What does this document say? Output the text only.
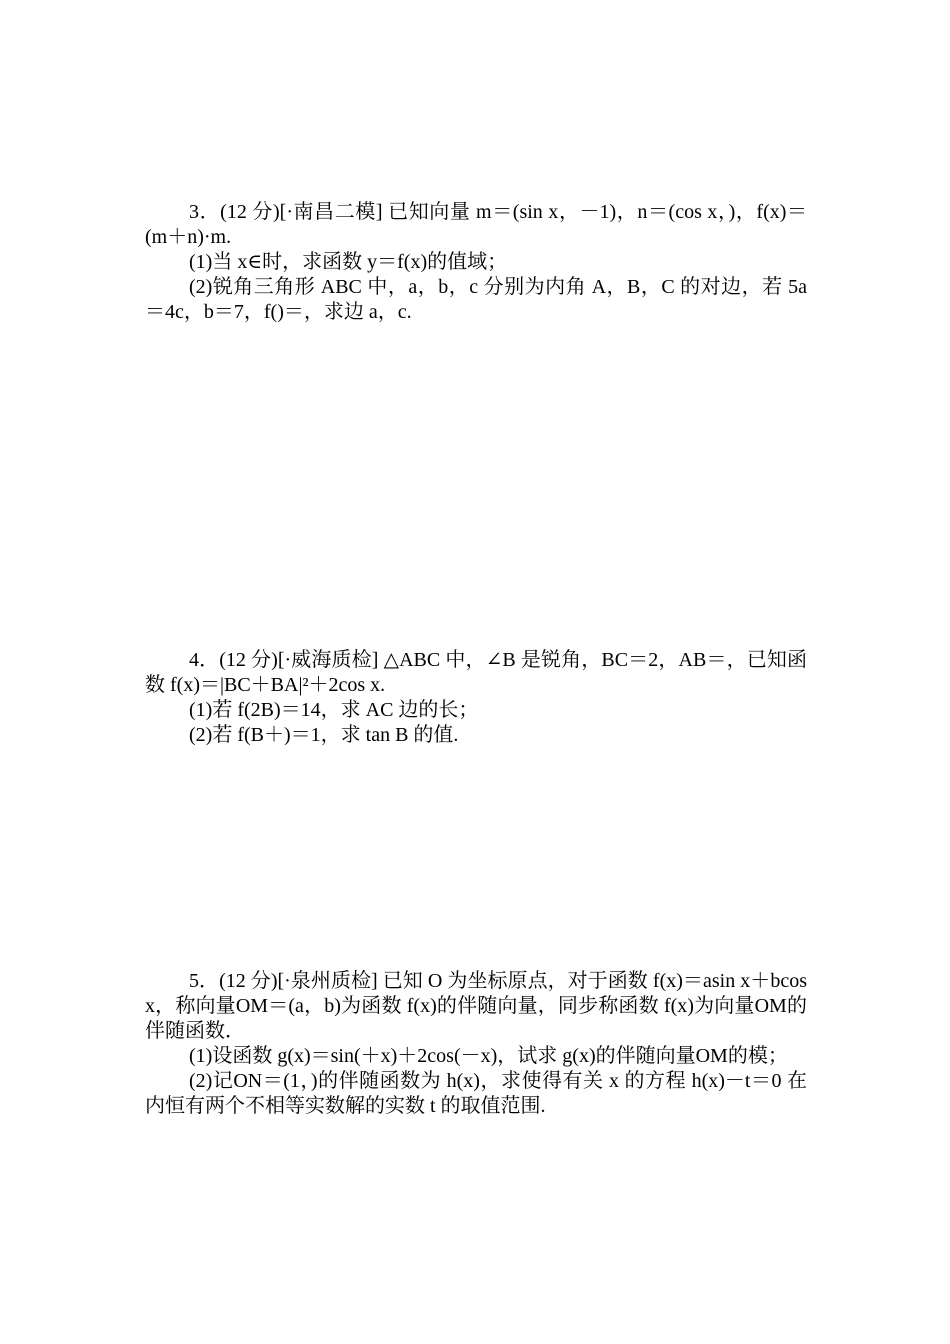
3．(12 分)[·南昌二模] 已知向量 m＝(sin x，－1)，n＝(cos x，)，f(x)＝(m＋n)·m.

(1)当 x∈时，求函数 y＝f(x)的值域；

(2)锐角三角形 ABC 中，a，b，c 分别为内角 A，B，C 的对边，若 5a＝4c，b＝7，f()＝，求边 a，c.

4．(12 分)[·威海质检] △ABC 中，∠B 是锐角，BC＝2，AB＝，已知函数 f(x)＝|BC＋BA|²＋2cos x.

(1)若 f(2B)＝14，求 AC 边的长；

(2)若 f(B＋)＝1，求 tan B 的值.

5．(12 分)[·泉州质检] 已知 O 为坐标原点，对于函数 f(x)＝asin x＋bcos x，称向量OM＝(a，b)为函数 f(x)的伴随向量，同步称函数 f(x)为向量OM的伴随函数．

(1)设函数 g(x)＝sin(＋x)＋2cos(－x)，试求 g(x)的伴随向量OM的模；

(2)记ON＝(1，)的伴随函数为 h(x)，求使得有关 x 的方程 h(x)－t＝0 在内恒有两个不相等实数解的实数 t 的取值范围.
